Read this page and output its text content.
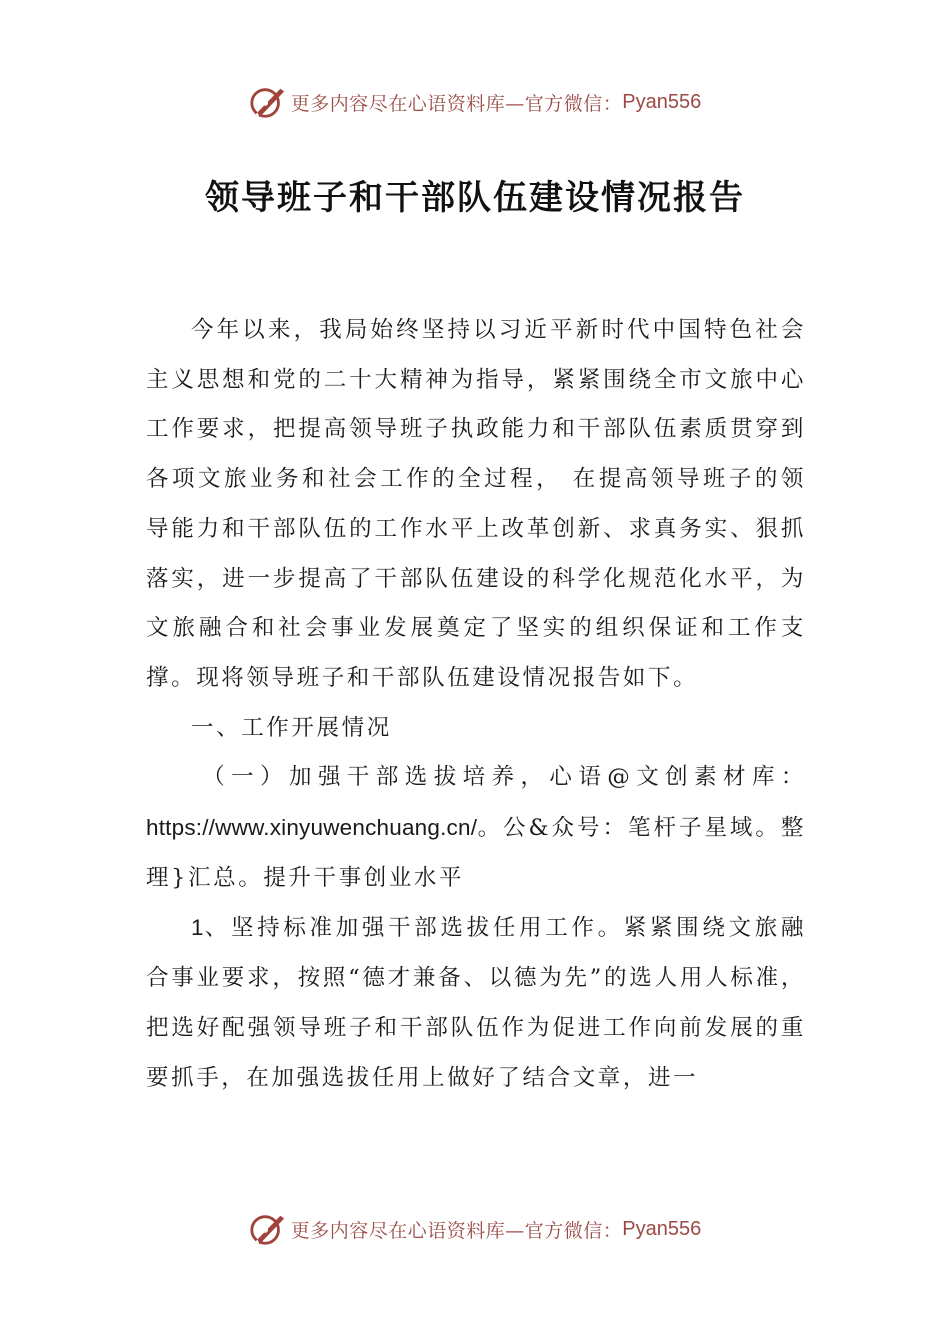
更多内容尽在心语资料库—官方微信： Pyan556
领导班子和干部队伍建设情况报告

今年以来，我局始终坚持以习近平新时代中国特色社会主义思想和党的二十大精神为指导，紧紧围绕全市文旅中心工作要求，把提高领导班子执政能力和干部队伍素质贯穿到各项文旅业务和社会工作的全过程， 在提高领导班子的领导能力和干部队伍的工作水平上改革创新、求真务实、狠抓落实，进一步提高了干部队伍建设的科学化规范化水平，为文旅融合和社会事业发展奠定了坚实的组织保证和工作支撑。现将领导班子和干部队伍建设情况报告如下。

一、工作开展情况

（一）加强干部选拔培养，心语@文创素材库：https://www.xinyuwenchuang.cn/。公&众号：笔杆子星域。整理}汇总。提升干事创业水平

1、坚持标准加强干部选拔任用工作。紧紧围绕文旅融合事业要求，按照“德才兼备、以德为先”的选人用人标准，把选好配强领导班子和干部队伍作为促进工作向前发展的重要抓手，在加强选拔任用上做好了结合文章，进一

更多内容尽在心语资料库—官方微信： Pyan556
